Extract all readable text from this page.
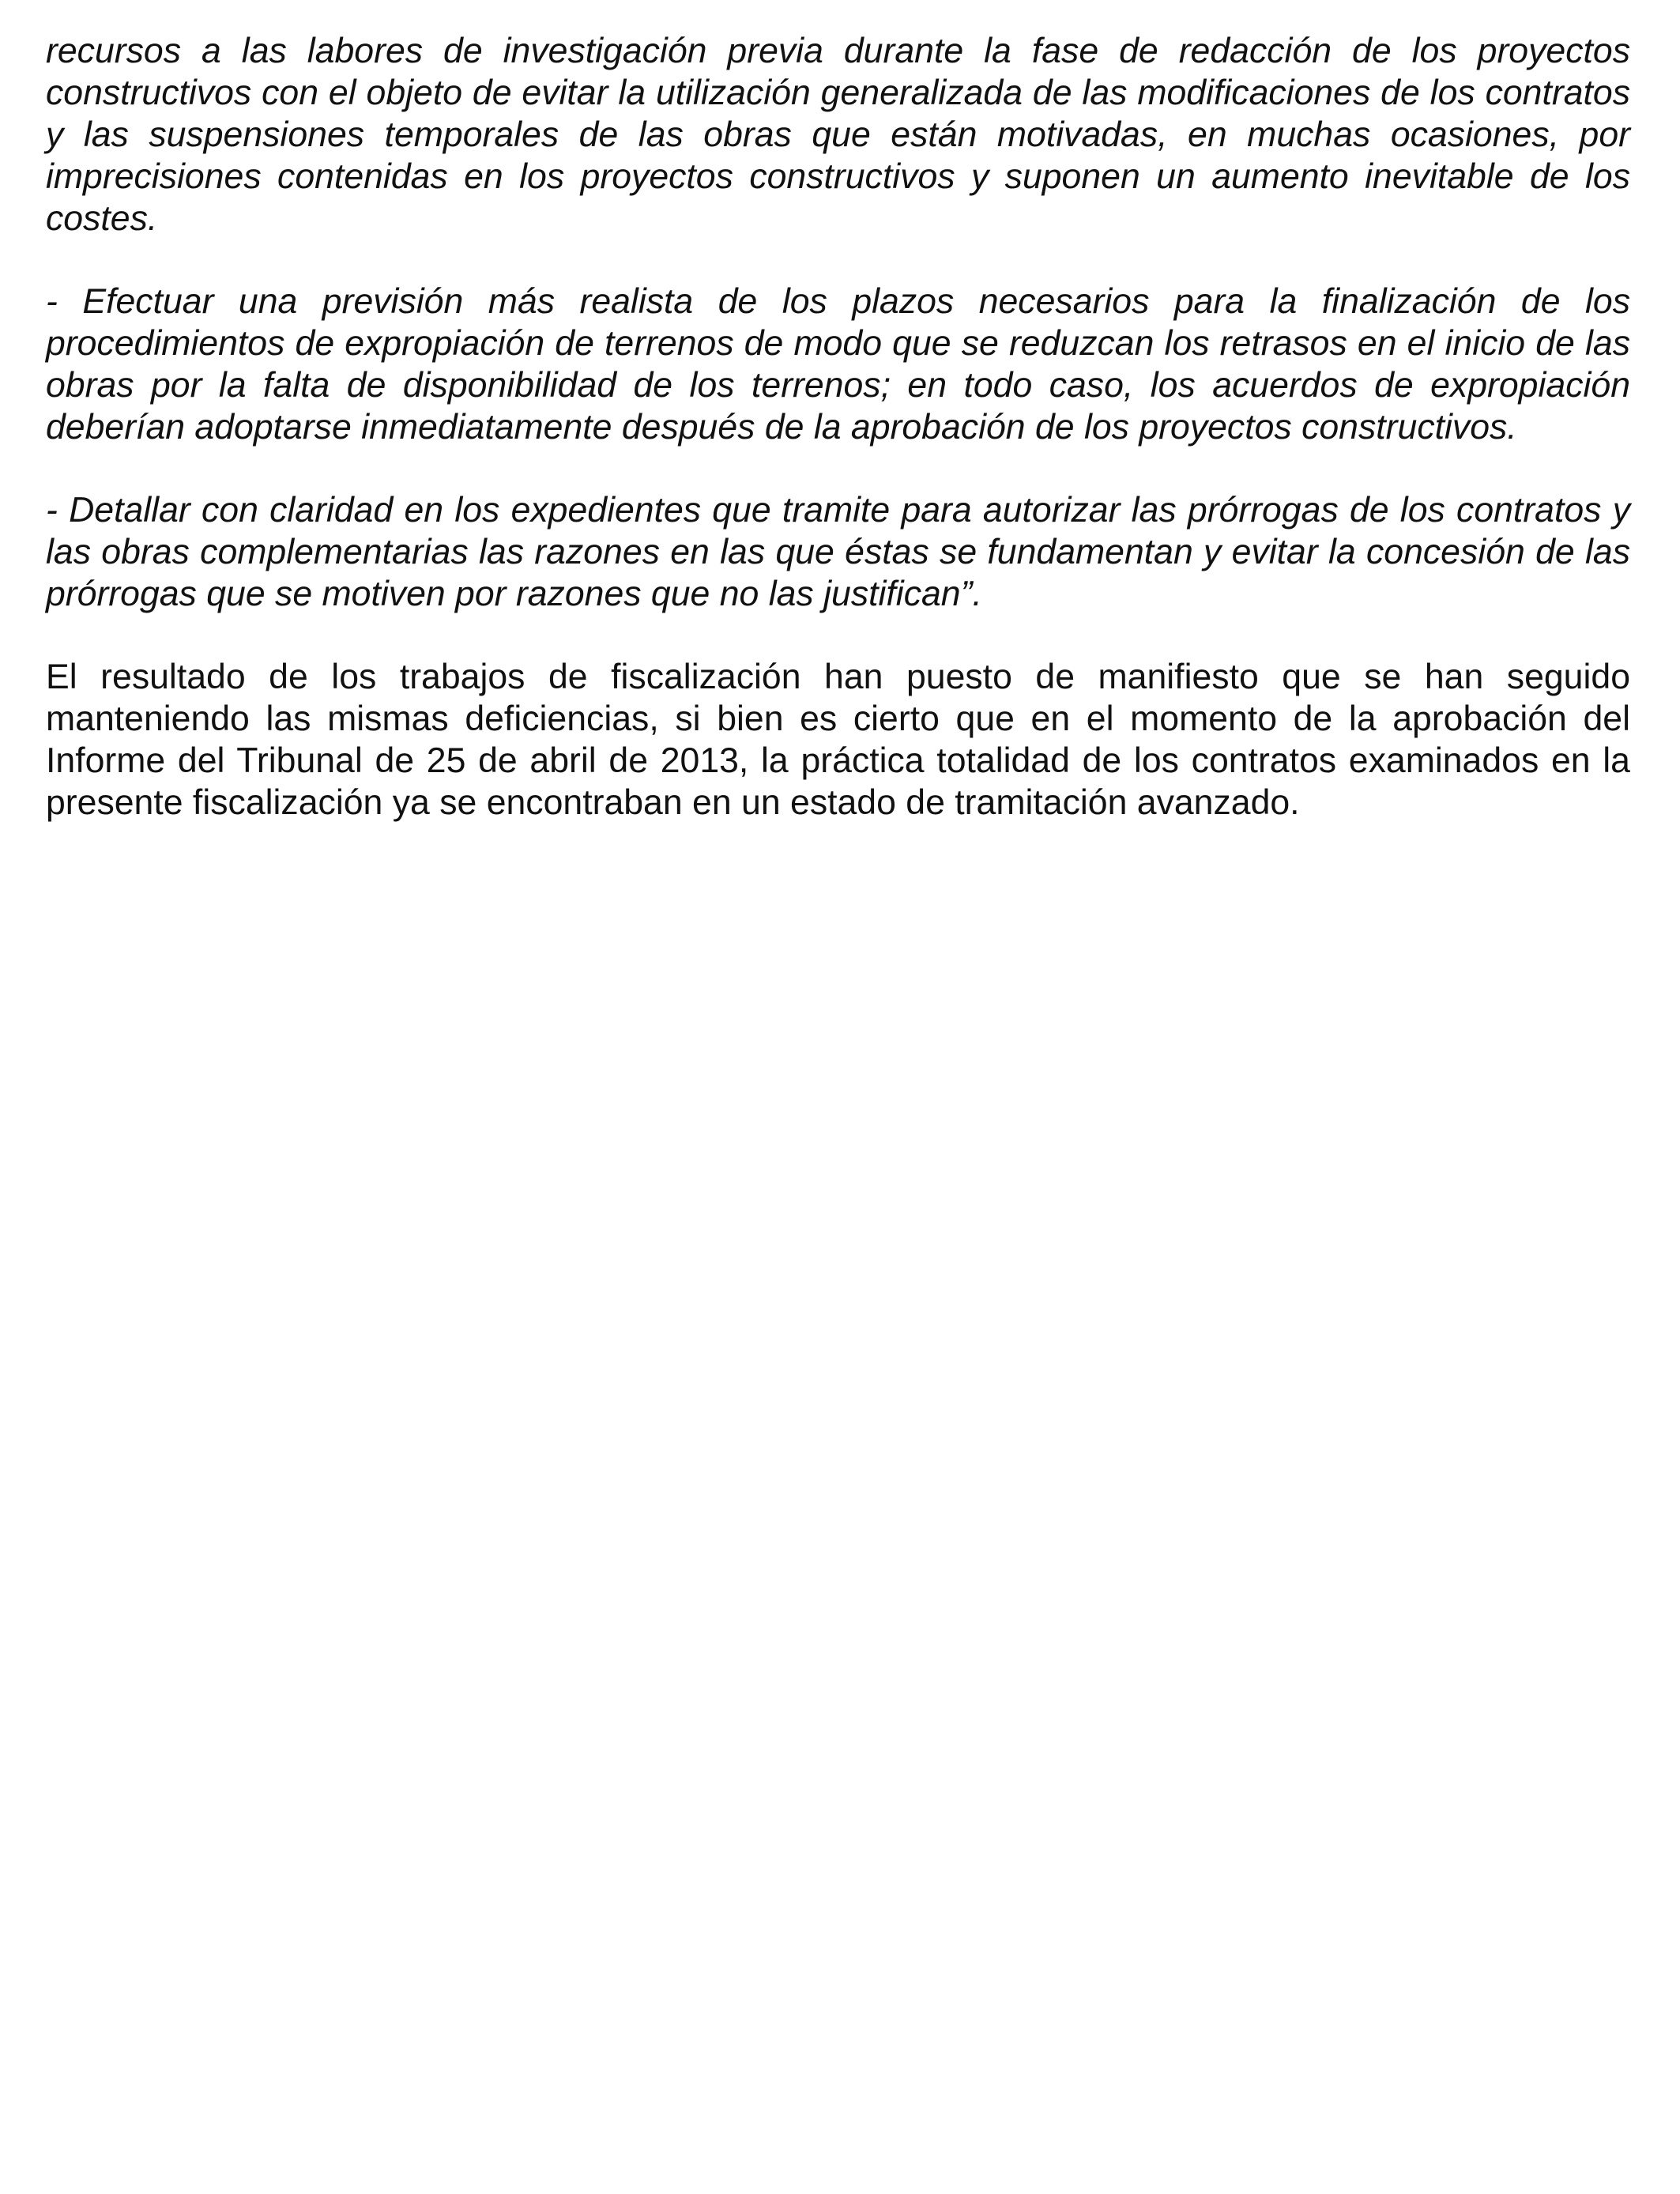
recursos a las labores de investigación previa durante la fase de redacción de los proyectos constructivos con el objeto de evitar la utilización generalizada de las modificaciones de los contratos y las suspensiones temporales de las obras que están motivadas, en muchas ocasiones, por imprecisiones contenidas en los proyectos constructivos y suponen un aumento inevitable de los costes.

- Efectuar una previsión más realista de los plazos necesarios para la finalización de los procedimientos de expropiación de terrenos de modo que se reduzcan los retrasos en el inicio de las obras por la falta de disponibilidad de los terrenos; en todo caso, los acuerdos de expropiación deberían adoptarse inmediatamente después de la aprobación de los proyectos constructivos.

- Detallar con claridad en los expedientes que tramite para autorizar las prórrogas de los contratos y las obras complementarias las razones en las que éstas se fundamentan y evitar la concesión de las prórrogas que se motiven por razones que no las justifican”.

El resultado de los trabajos de fiscalización han puesto de manifiesto que se han seguido manteniendo las mismas deficiencias, si bien es cierto que en el momento de la aprobación del Informe del Tribunal de 25 de abril de 2013, la práctica totalidad de los contratos examinados en la presente fiscalización ya se encontraban en un estado de tramitación avanzado.
